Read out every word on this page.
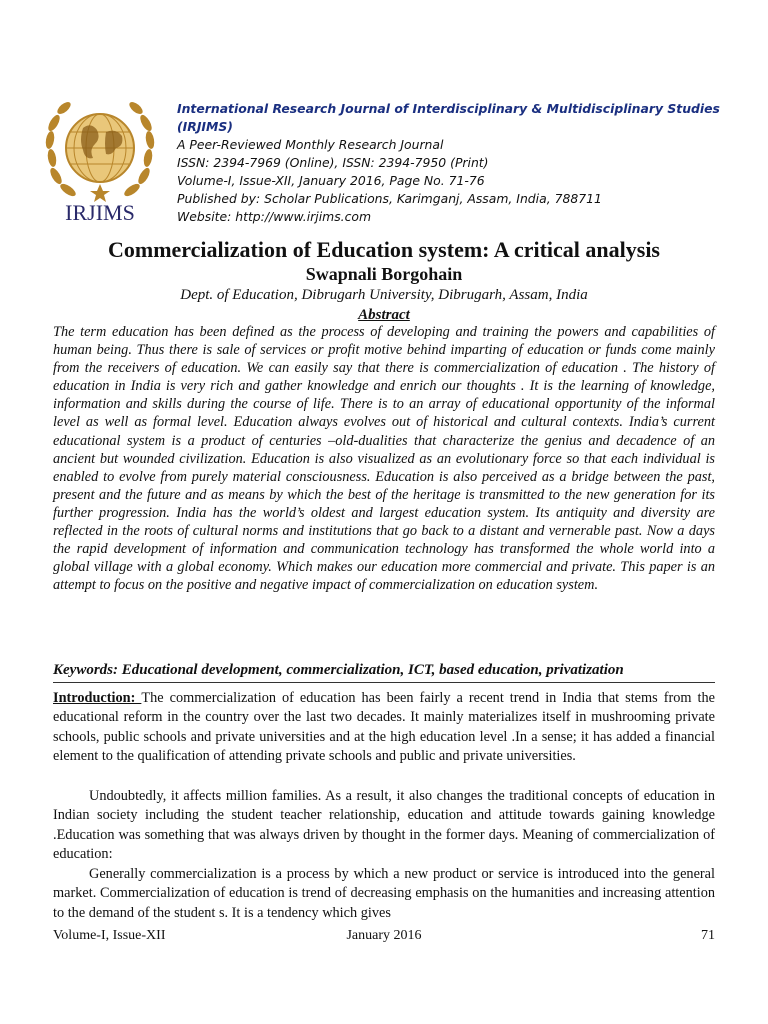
IRJIMS
International Research Journal of Interdisciplinary & Multidisciplinary Studies (IRJIMS)
A Peer-Reviewed Monthly Research Journal
ISSN: 2394-7969 (Online), ISSN: 2394-7950 (Print)
Volume-I, Issue-XII, January 2016, Page No. 71-76
Published by: Scholar Publications, Karimganj, Assam, India, 788711
Website: http://www.irjims.com
Commercialization of Education system: A critical analysis
Swapnali Borgohain
Dept. of Education, Dibrugarh University, Dibrugarh, Assam, India
Abstract

The term education has been defined as the process of developing and training the powers and capabilities of human being. Thus there is sale of services or profit motive behind imparting of education or funds come mainly from the receivers of education. We can easily say that there is commercialization of education . The history of education in India is very rich and gather knowledge and enrich our thoughts . It is the learning of knowledge, information and skills during the course of life. There is to an array of educational opportunity of the informal level as well as formal level. Education always evolves out of historical and cultural contexts. India’s current educational system is a product of centuries –old-dualities that characterize the genius and decadence of an ancient but wounded civilization. Education is also visualized as an evolutionary force so that each individual is enabled to evolve from purely material consciousness. Education is also perceived as a bridge between the past, present and the future and as means by which the best of the heritage is transmitted to the new generation for its further progression. India has the world’s oldest and largest education system. Its antiquity and diversity are reflected in the roots of cultural norms and institutions that go back to a distant and vernerable past. Now a days the rapid development of information and communication technology has transformed the whole world into a global village with a global economy. Which makes our education more commercial and private. This paper is an attempt to focus on the positive and negative impact of commercialization on education system.

Keywords: Educational development, commercialization, ICT, based education, privatization

Introduction: The commercialization of education has been fairly a recent trend in India that stems from the educational reform in the country over the last two decades. It mainly materializes itself in mushrooming private schools, public schools and private universities and at the high education level .In a sense; it has added a financial element to the qualification of attending private schools and public and private universities.

Undoubtedly, it affects million families. As a result, it also changes the traditional concepts of education in Indian society including the student teacher relationship, education and attitude towards gaining knowledge .Education was something that was always driven by thought in the former days. Meaning of commercialization of education:

Generally commercialization is a process by which a new product or service is introduced into the general market. Commercialization of education is trend of decreasing emphasis on the humanities and increasing attention to the demand of the student s. It is a tendency which gives

Volume-I, Issue-XII	January 2016	71
